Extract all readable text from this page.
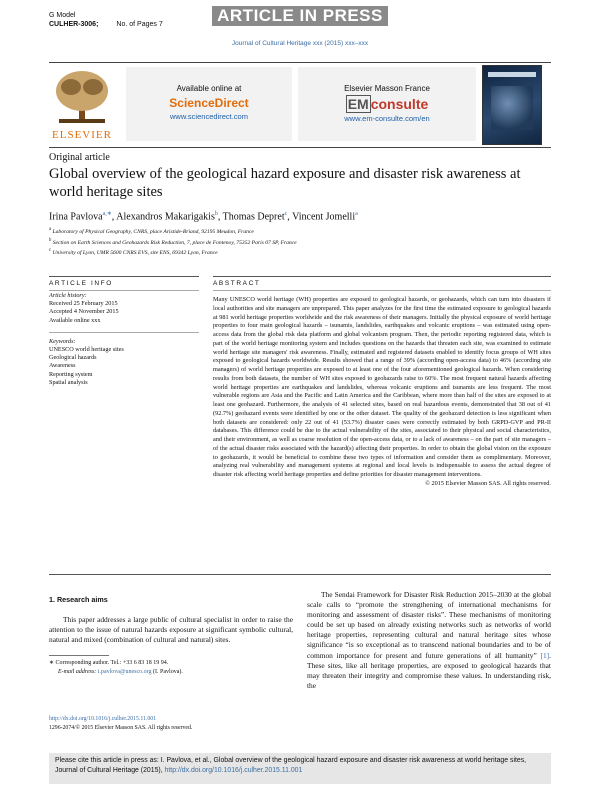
G Model
CULHER-3006;	No. of Pages 7	ARTICLE IN PRESS
Journal of Cultural Heritage xxx (2015) xxx–xxx
ELSEVIER
Available online at
ScienceDirect
www.sciencedirect.com
Elsevier Masson France
EM consulte
www.em-consulte.com/en
Original article
Global overview of the geological hazard exposure and disaster risk awareness at world heritage sites
Irina Pavlova$^{a,∗}$, Alexandros Makarigakis$^b$, Thomas Depret$^c$, Vincent Jomelli$^a$
$^a$ Laboratory of Physical Geography, CNRS, place Aristide-Briand, 92195 Meudon, France
$^b$ Section on Earth Sciences and Geohazards Risk Reduction, 7, place de Fontenoy, 75352 Paris 07 SP, France
$^c$ University of Lyon, UMR 5600 CNRS EVS, site ENS, 69342 Lyon, France
ARTICLE INFO	ABSTRACT
Article history:
Received 25 February 2015
Accepted 4 November 2015
Available online xxx
Keywords:
UNESCO world heritage sites
Geological hazards
Awareness
Reporting system
Spatial analysis
Many UNESCO world heritage (WH) properties are exposed to geological hazards, or geohazards, which can turn into disasters if local authorities and site managers are unprepared. This paper analyzes for the first time the estimated exposure to geological hazards at 981 world heritage properties worldwide and the risk awareness of their managers. Initially the physical exposure of world heritage properties to four main geological hazards – tsunamis, landslides, earthquakes and volcanic eruptions – was estimated using open-access data from the global risk data platform and global volcanism program. Then, the periodic reporting registered data, which is part of the world heritage monitoring system and includes questions on the hazards that threaten each site, was examined to estimate world heritage site managers' risk awareness. Finally, estimated and registered datasets enabled to identify focus groups of WH sites exposed to geological hazards worldwide. Results showed that a range of 39% (according open-access data) to 46% (according site managers) of world heritage properties are exposed to at least one of the four aforementioned geological hazards. When considering results from both datasets, the number of WH sites exposed to geohazards raise to 60%. The most frequent natural hazards affecting world heritage properties are earthquakes and landslides, whereas volcanic eruptions and tsunamis are less frequent. The most vulnerable regions are Asia and the Pacific and Latin America and the Caribbean, where more than half of the sites are exposed to at least one geohazard. Furthermore, the analysis of 41 selected sites, based on real hazardous events, demonstrated that 38 out of 41 (92.7%) geohazard events were identified by one or the other dataset. The quality of the geohazard detection is less significant when both datasets are considered: only 22 out of 41 (53.7%) disaster cases were correctly estimated by both GRPD-GVP and PR-II databases. This difference could be due to the actual vulnerability of the sites, associated to their physical and social characteristics, and their environment, as well as coarse resolution of the open-access data, or to a lack of awareness – on the part of site managers – of the actual disaster risks associated with the hazard(s) affecting their properties. In order to obtain the global vision on the exposure to geohazards, it would be beneficial to combine these two types of information and consider them as complimentary. Moreover, analyzing real vulnerability and management systems at regional and local levels is indispensable to assess the actual degree of disaster risk affecting world heritage properties and define priorities for disaster management interventions.
© 2015 Elsevier Masson SAS. All rights reserved.
1. Research aims
This paper addresses a large public of cultural specialist in order to raise the attention to the issue of natural hazards exposure at significant symbolic cultural, natural and mixed (combination of cultural and natural) sites.
The Sendai Framework for Disaster Risk Reduction 2015–2030 at the global scale calls to “promote the strengthening of international mechanisms for monitoring and assessment of disaster risks”. These mechanisms of monitoring could be set up based on already existing networks such as networks of world heritage properties, representing cultural and natural heritage sites whose significance “is so exceptional as to transcend national boundaries and to be of common importance for present and future generations of all humanity” [1]. These sites, like all heritage properties, are exposed to geological hazards that may threaten their integrity and compromise these values. In understanding risk, the
∗ Corresponding author. Tel.: +33 6 83 18 19 94.
E-mail address: i.pavlova@unesco.org (I. Pavlova).
http://dx.doi.org/10.1016/j.culher.2015.11.001
1296-2074/© 2015 Elsevier Masson SAS. All rights reserved.
Please cite this article in press as: I. Pavlova, et al., Global overview of the geological hazard exposure and disaster risk awareness at world heritage sites, Journal of Cultural Heritage (2015), http://dx.doi.org/10.1016/j.culher.2015.11.001
